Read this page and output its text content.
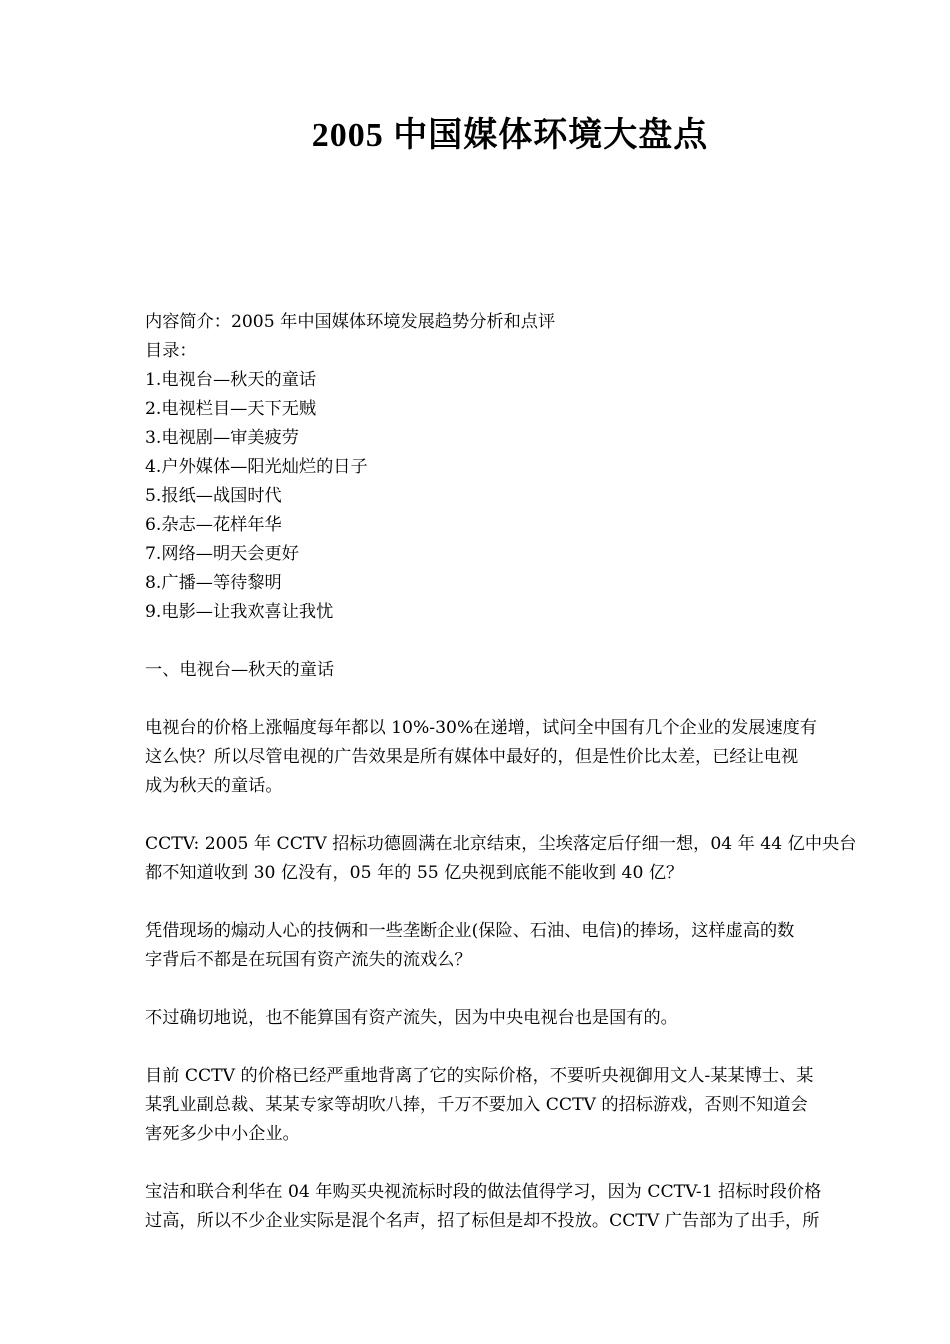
2005 中国媒体环境大盘点
内容简介：2005 年中国媒体环境发展趋势分析和点评
目录：
1.电视台—秋天的童话
2.电视栏目—天下无贼
3.电视剧—审美疲劳
4.户外媒体—阳光灿烂的日子
5.报纸—战国时代
6.杂志—花样年华
7.网络—明天会更好
8.广播—等待黎明
9.电影—让我欢喜让我忧
一、电视台—秋天的童话
电视台的价格上涨幅度每年都以 10%-30%在递增，试问全中国有几个企业的发展速度有
这么快？所以尽管电视的广告效果是所有媒体中最好的，但是性价比太差，已经让电视
成为秋天的童话。
CCTV: 2005 年 CCTV 招标功德圆满在北京结束，尘埃落定后仔细一想，04 年 44 亿中央台
都不知道收到 30 亿没有，05 年的 55 亿央视到底能不能收到 40 亿？
凭借现场的煽动人心的技俩和一些垄断企业(保险、石油、电信)的捧场，这样虚高的数
字背后不都是在玩国有资产流失的流戏么？
不过确切地说，也不能算国有资产流失，因为中央电视台也是国有的。
目前 CCTV 的价格已经严重地背离了它的实际价格，不要听央视御用文人-某某博士、某
某乳业副总裁、某某专家等胡吹八捧，千万不要加入 CCTV 的招标游戏，否则不知道会
害死多少中小企业。
宝洁和联合利华在 04 年购买央视流标时段的做法值得学习，因为 CCTV-1 招标时段价格
过高，所以不少企业实际是混个名声，招了标但是却不投放。CCTV 广告部为了出手，所
